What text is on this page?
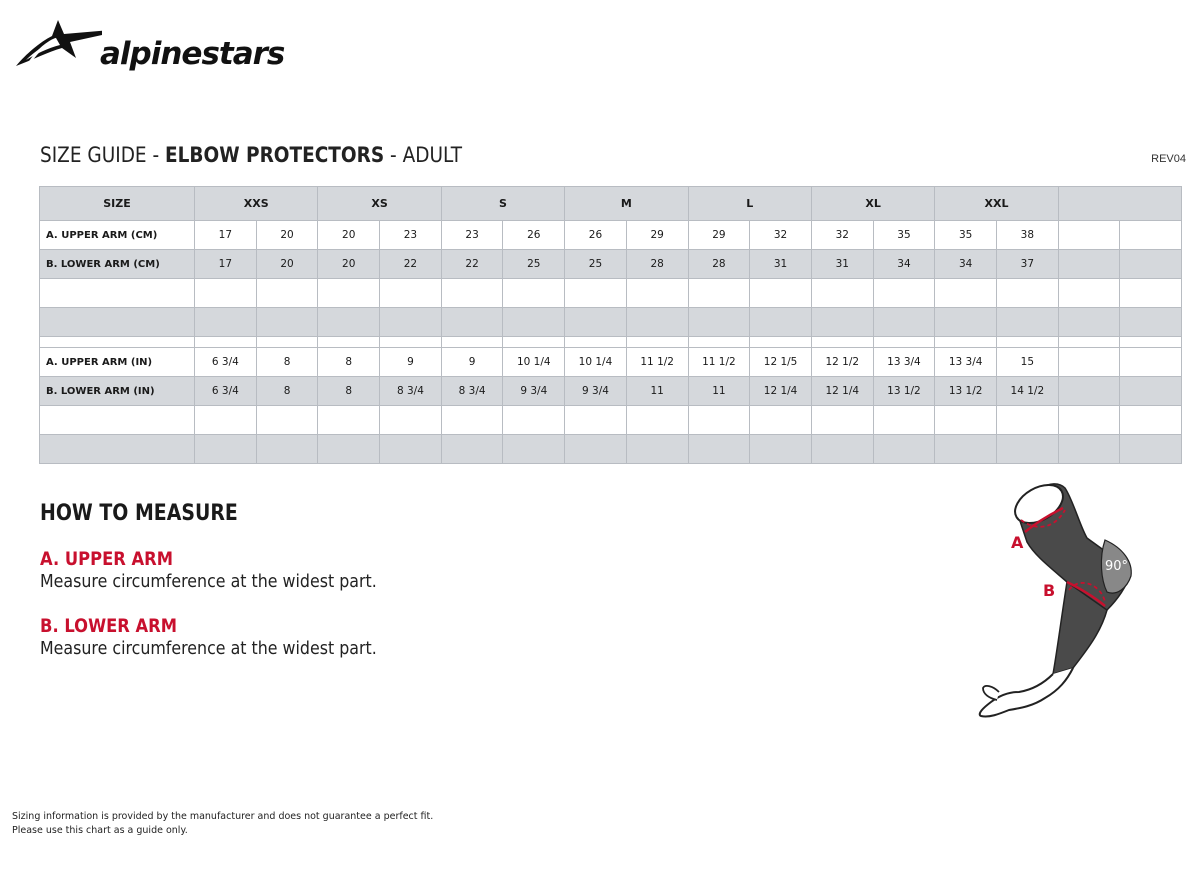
alpinestars
SIZE GUIDE - ELBOW PROTECTORS - ADULT	REV04
SIZE	XXS		XS		S		M		L		XL		XXL			
A. UPPER ARM (CM)	17	20	20	23	23	26	26	29	29	32	32	35	35	38		
B. LOWER ARM (CM)	17	20	20	22	22	25	25	28	28	31	31	34	34	37		

A. UPPER ARM (IN)	6 3/4	8	8	9	9	10 1/4	10 1/4	11 1/2	11 1/2	12 1/5	12 1/2	13 3/4	13 3/4	15		
B. LOWER ARM (IN)	6 3/4	8	8	8 3/4	8 3/4	9 3/4	9 3/4	11	11	12 1/4	12 1/4	13 1/2	13 1/2	14 1/2		

HOW TO MEASURE
A. UPPER ARM
Measure circumference at the widest part.
B. LOWER ARM
Measure circumference at the widest part.
90°
A
B
Sizing information is provided by the manufacturer and does not guarantee a perfect fit.
Please use this chart as a guide only.
